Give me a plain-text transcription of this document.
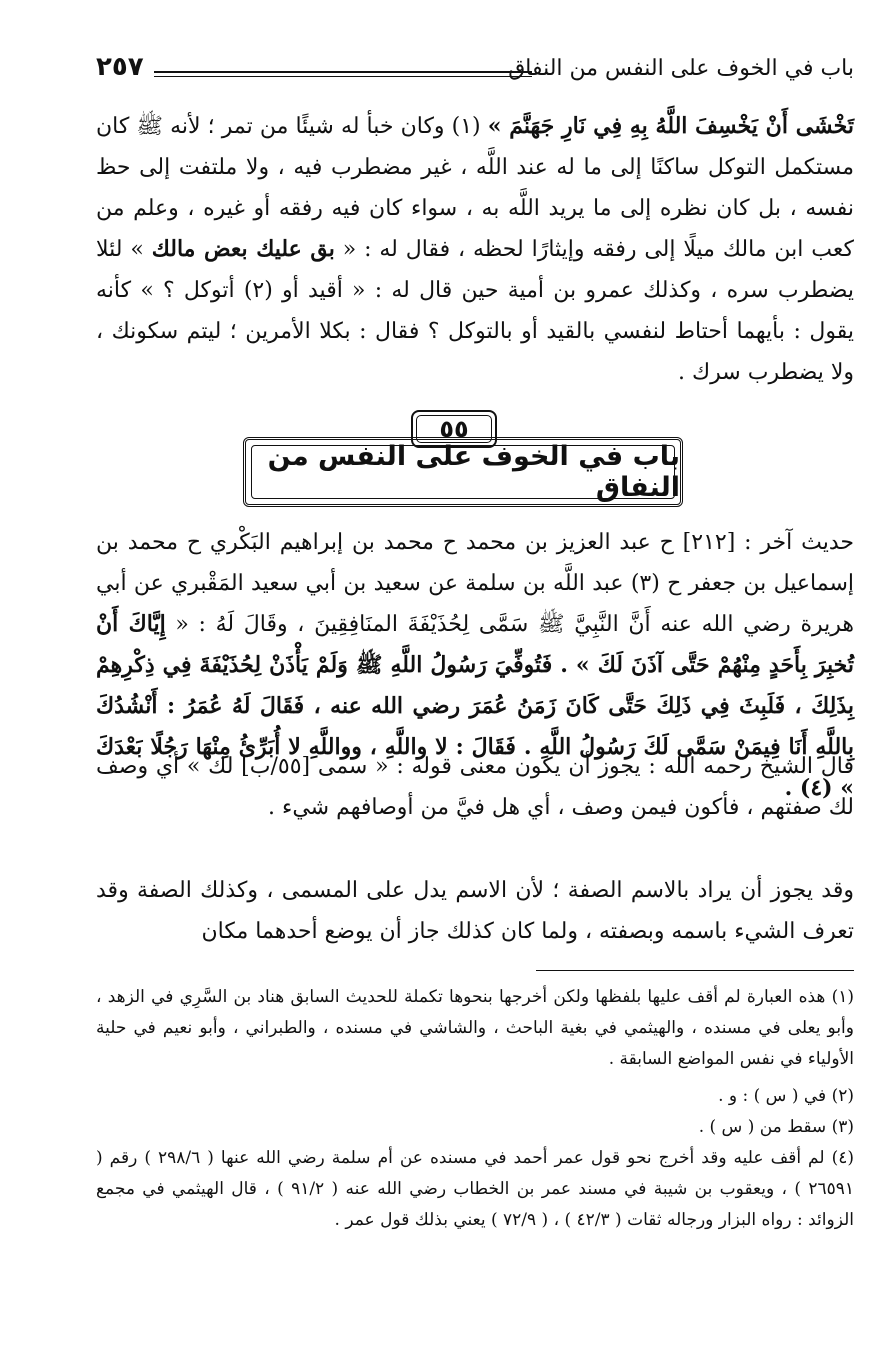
باب في الخوف على النفس من النفاق
٢٥٧

تَخْشَى أَنْ يَخْسِفَ اللَّهُ بِهِ فِي نَارِ جَهَنَّمَ » (١) وكان خبأ له شيئًا من تمر ؛ لأنه ﷺ كان مستكمل التوكل ساكنًا إلى ما له عند اللَّه ، غير مضطرب فيه ، ولا ملتفت إلى حظ نفسه ، بل كان نظره إلى ما يريد اللَّه به ، سواء كان فيه رفقه أو غيره ، وعلم من كعب ابن مالك ميلًا إلى رفقه وإيثارًا لحظه ، فقال له : « بق عليك بعض مالك » لئلا يضطرب سره ، وكذلك عمرو بن أمية حين قال له : « أقيد أو (٢) أتوكل ؟ » كأنه يقول : بأيهما أحتاط لنفسي بالقيد أو بالتوكل ؟ فقال : بكلا الأمرين ؛ ليتم سكونك ، ولا يضطرب سرك .

٥٥
باب في الخوف على النفس من النفاق

حديث آخر : [٢١٢] ح عبد العزيز بن محمد ح محمد بن إبراهيم البَكْري ح محمد بن إسماعيل بن جعفر ح (٣) عبد اللَّه بن سلمة عن سعيد بن أبي سعيد المَقْبري عن أبي هريرة رضي الله عنه أَنَّ النَّبِيَّ ﷺ سَمَّى لِحُذَيْفَةَ المنَافِقِينَ ، وقَالَ لَهُ : « إِيَّاكَ أَنْ تُخبِرَ بِأَحَدٍ مِنْهُمْ حَتَّى آذَنَ لَكَ » . فَتُوفِّيَ رَسُولُ اللَّهِ ﷺ وَلَمْ يَأْذَنْ لِحُذَيْفَةَ فِي ذِكْرِهِمْ بِذَلِكَ ، فَلَبِثَ فِي ذَلِكَ حَتَّى كَانَ زَمَنُ عُمَرَ رضي الله عنه ، فَقَالَ لَهُ عُمَرُ : أَنْشُدُكَ بِاللَّهِ أَنَا فِيمَنْ سَمَّى لَكَ رَسُولُ اللَّهِ . فَقَالَ : لا واللَّهِ ، وواللَّهِ لا أُبَرِّئُ مِنْهَا رَجُلًا بَعْدَكَ » (٤) .

قال الشيخ رحمه الله : يجوز أن يكون معنى قوله : « سمى [٥٥/ب] لك » أي وصف لك صفتهم ، فأكون فيمن وصف ، أي هل فيَّ من أوصافهم شيء .

وقد يجوز أن يراد بالاسم الصفة ؛ لأن الاسم يدل على المسمى ، وكذلك الصفة وقد تعرف الشيء باسمه وبصفته ، ولما كان كذلك جاز أن يوضع أحدهما مكان

(١) هذه العبارة لم أقف عليها بلفظها ولكن أخرجها بنحوها تكملة للحديث السابق هناد بن السَّرِي في الزهد ، وأبو يعلى في مسنده ، والهيثمي في بغية الباحث ، والشاشي في مسنده ، والطبراني ، وأبو نعيم في حلية الأولياء في نفس المواضع السابقة .

(٢) في ( س ) : و .

(٣) سقط من ( س ) .

(٤) لم أقف عليه وقد أخرج نحو قول عمر أحمد في مسنده عن أم سلمة رضي الله عنها ( ٢٩٨/٦ ) رقم ( ٢٦٥٩١ ) ، ويعقوب بن شيبة في مسند عمر بن الخطاب رضي الله عنه ( ٩١/٢ ) ، قال الهيثمي في مجمع الزوائد : رواه البزار ورجاله ثقات ( ٤٢/٣ ) ، ( ٧٢/٩ ) يعني بذلك قول عمر .
